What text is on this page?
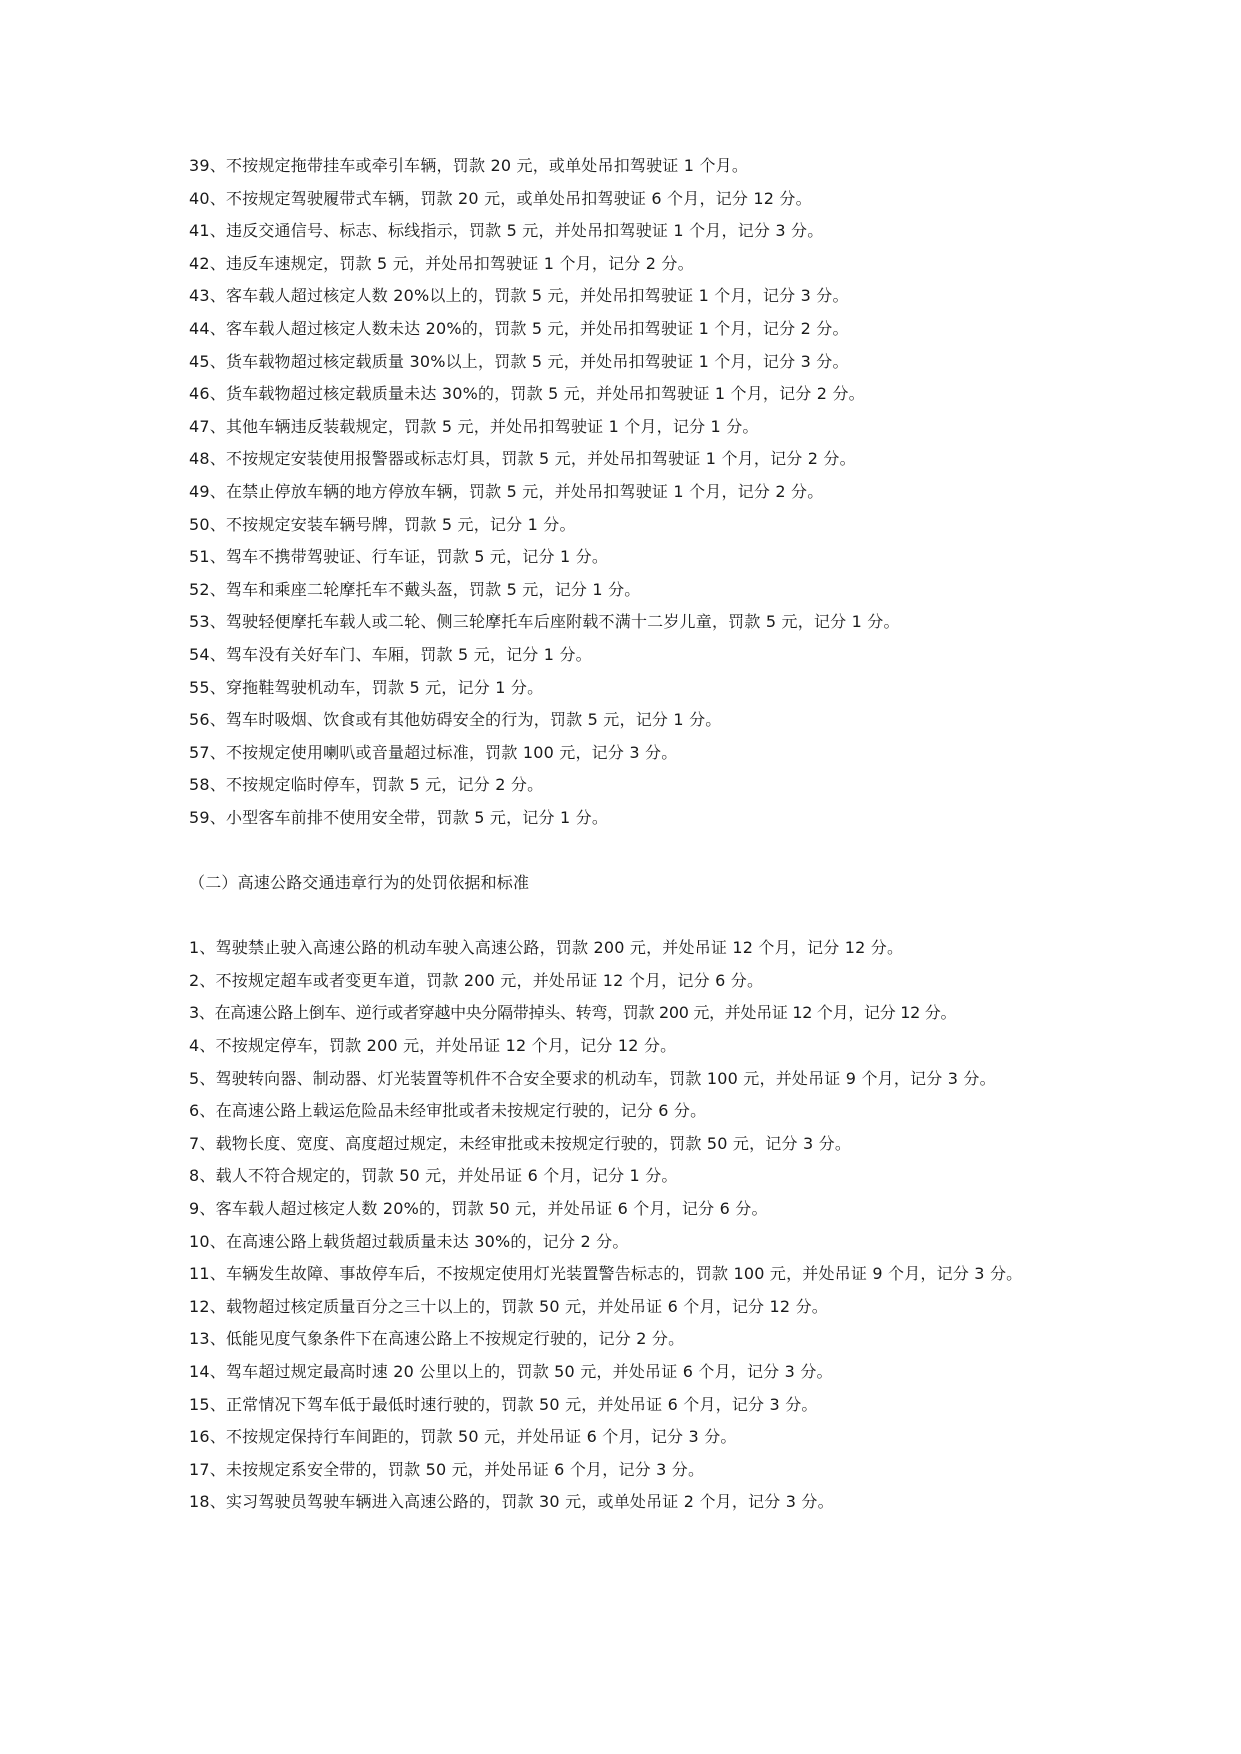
39、不按规定拖带挂车或牵引车辆，罚款 20 元，或单处吊扣驾驶证 1 个月。
40、不按规定驾驶履带式车辆，罚款 20 元，或单处吊扣驾驶证 6 个月，记分 12 分。
41、违反交通信号、标志、标线指示，罚款 5 元，并处吊扣驾驶证 1 个月，记分 3 分。
42、违反车速规定，罚款 5 元，并处吊扣驾驶证 1 个月，记分 2 分。
43、客车载人超过核定人数 20%以上的，罚款 5 元，并处吊扣驾驶证 1 个月，记分 3 分。
44、客车载人超过核定人数未达 20%的，罚款 5 元，并处吊扣驾驶证 1 个月，记分 2 分。
45、货车载物超过核定载质量 30%以上，罚款 5 元，并处吊扣驾驶证 1 个月，记分 3 分。
46、货车载物超过核定载质量未达 30%的，罚款 5 元，并处吊扣驾驶证 1 个月，记分 2 分。
47、其他车辆违反装载规定，罚款 5 元，并处吊扣驾驶证 1 个月，记分 1 分。
48、不按规定安装使用报警器或标志灯具，罚款 5 元，并处吊扣驾驶证 1 个月，记分 2 分。
49、在禁止停放车辆的地方停放车辆，罚款 5 元，并处吊扣驾驶证 1 个月，记分 2 分。
50、不按规定安装车辆号牌，罚款 5 元，记分 1 分。
51、驾车不携带驾驶证、行车证，罚款 5 元，记分 1 分。
52、驾车和乘座二轮摩托车不戴头盔，罚款 5 元，记分 1 分。
53、驾驶轻便摩托车载人或二轮、侧三轮摩托车后座附载不满十二岁儿童，罚款 5 元，记分 1 分。
54、驾车没有关好车门、车厢，罚款 5 元，记分 1 分。
55、穿拖鞋驾驶机动车，罚款 5 元，记分 1 分。
56、驾车时吸烟、饮食或有其他妨碍安全的行为，罚款 5 元，记分 1 分。
57、不按规定使用喇叭或音量超过标准，罚款 100 元，记分 3 分。
58、不按规定临时停车，罚款 5 元，记分 2 分。
59、小型客车前排不使用安全带，罚款 5 元，记分 1 分。
（二）高速公路交通违章行为的处罚依据和标准
1、驾驶禁止驶入高速公路的机动车驶入高速公路，罚款 200 元，并处吊证 12 个月，记分 12 分。
2、不按规定超车或者变更车道，罚款 200 元，并处吊证 12 个月，记分 6 分。
3、在高速公路上倒车、逆行或者穿越中央分隔带掉头、转弯，罚款 200 元，并处吊证 12 个月，记分 12 分。
4、不按规定停车，罚款 200 元，并处吊证 12 个月，记分 12 分。
5、驾驶转向器、制动器、灯光装置等机件不合安全要求的机动车，罚款 100 元，并处吊证 9 个月，记分 3 分。
6、在高速公路上载运危险品未经审批或者未按规定行驶的，记分 6 分。
7、载物长度、宽度、高度超过规定，未经审批或未按规定行驶的，罚款 50 元，记分 3 分。
8、载人不符合规定的，罚款 50 元，并处吊证 6 个月，记分 1 分。
9、客车载人超过核定人数 20%的，罚款 50 元，并处吊证 6 个月，记分 6 分。
10、在高速公路上载货超过载质量未达 30%的，记分 2 分。
11、车辆发生故障、事故停车后，不按规定使用灯光装置警告标志的，罚款 100 元，并处吊证 9 个月，记分 3 分。
12、载物超过核定质量百分之三十以上的，罚款 50 元，并处吊证 6 个月，记分 12 分。
13、低能见度气象条件下在高速公路上不按规定行驶的，记分 2 分。
14、驾车超过规定最高时速 20 公里以上的，罚款 50 元，并处吊证 6 个月，记分 3 分。
15、正常情况下驾车低于最低时速行驶的，罚款 50 元，并处吊证 6 个月，记分 3 分。
16、不按规定保持行车间距的，罚款 50 元，并处吊证 6 个月，记分 3 分。
17、未按规定系安全带的，罚款 50 元，并处吊证 6 个月，记分 3 分。
18、实习驾驶员驾驶车辆进入高速公路的，罚款 30 元，或单处吊证 2 个月，记分 3 分。
